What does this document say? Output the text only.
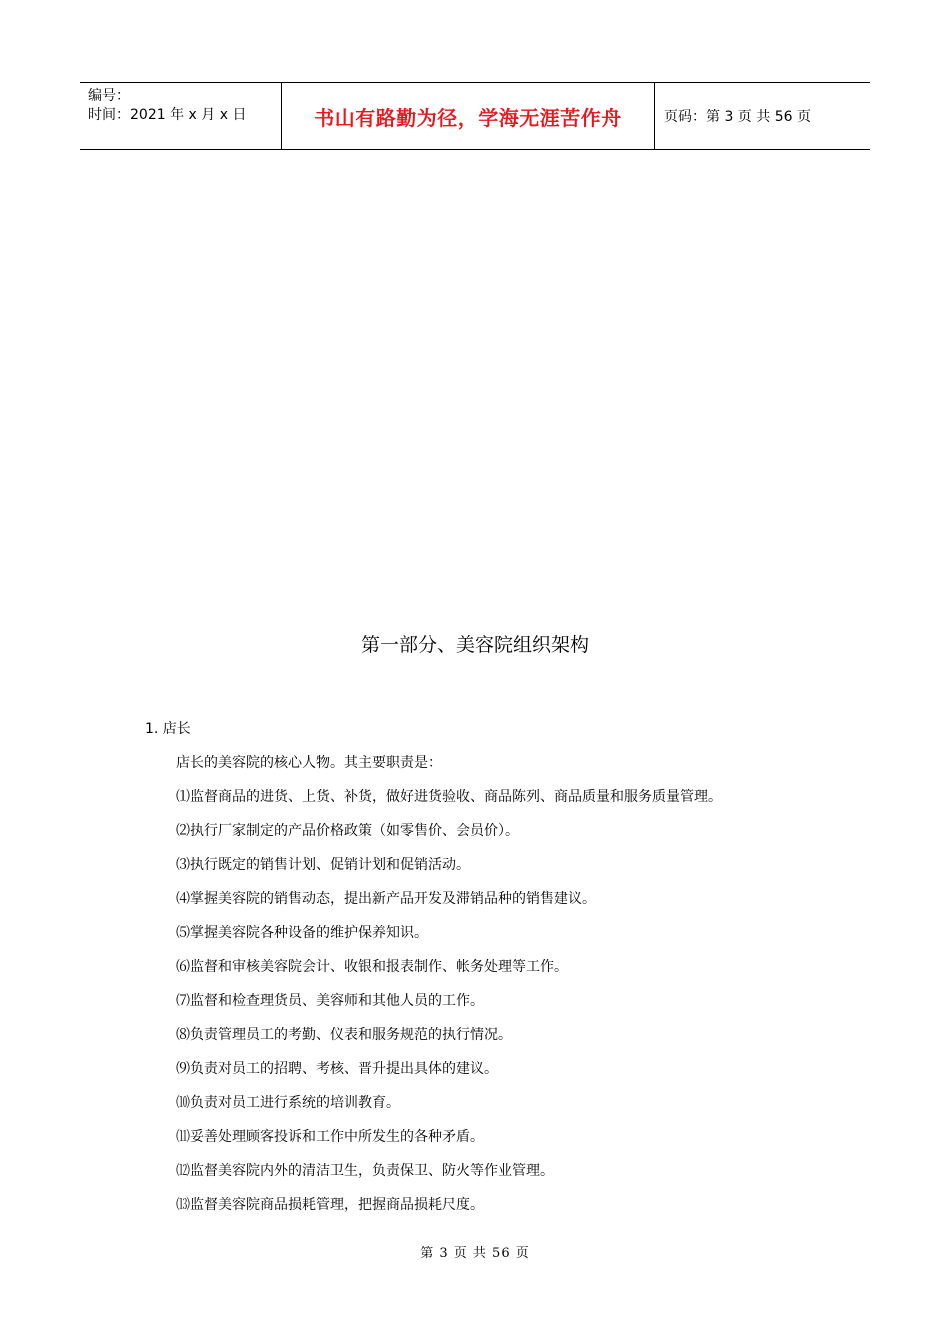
编号：
时间：2021 年 x 月 x 日	书山有路勤为径，学海无涯苦作舟	页码：第 3 页 共 56 页
第一部分、美容院组织架构
1. 店长
店长的美容院的核心人物。其主要职责是：
⑴监督商品的进货、上货、补货，做好进货验收、商品陈列、商品质量和服务质量管理。
⑵执行厂家制定的产品价格政策（如零售价、会员价）。
⑶执行既定的销售计划、促销计划和促销活动。
⑷掌握美容院的销售动态，提出新产品开发及滞销品种的销售建议。
⑸掌握美容院各种设备的维护保养知识。
⑹监督和审核美容院会计、收银和报表制作、帐务处理等工作。
⑺监督和检查理货员、美容师和其他人员的工作。
⑻负责管理员工的考勤、仪表和服务规范的执行情况。
⑼负责对员工的招聘、考核、晋升提出具体的建议。
⑽负责对员工进行系统的培训教育。
⑾妥善处理顾客投诉和工作中所发生的各种矛盾。
⑿监督美容院内外的清洁卫生，负责保卫、防火等作业管理。
⒀监督美容院商品损耗管理，把握商品损耗尺度。
第 3 页 共 56 页
